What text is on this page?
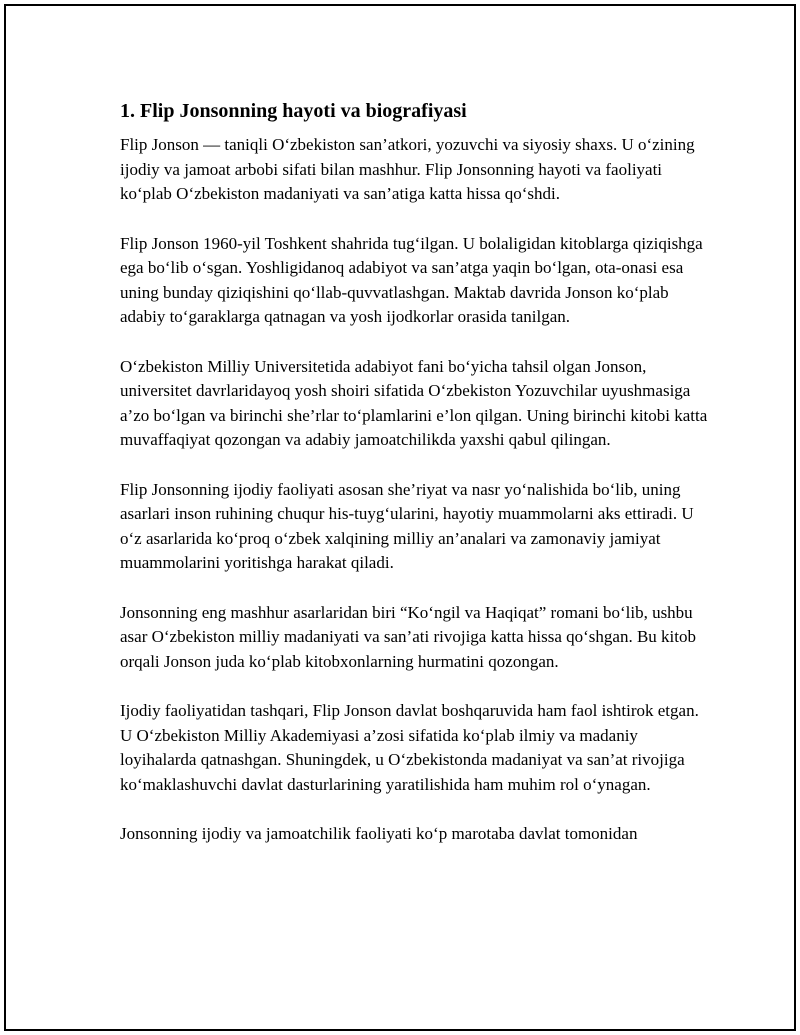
1. Flip Jonsonning hayoti va biografiyasi

Flip Jonson — taniqli O‘zbekiston san’atkori, yozuvchi va siyosiy shaxs. U o‘zining ijodiy va jamoat arbobi sifati bilan mashhur. Flip Jonsonning hayoti va faoliyati ko‘plab O‘zbekiston madaniyati va san’atiga katta hissa qo‘shdi.

Flip Jonson 1960-yil Toshkent shahrida tug‘ilgan. U bolaligidan kitoblarga qiziqishga ega bo‘lib o‘sgan. Yoshligidanoq adabiyot va san’atga yaqin bo‘lgan, ota-onasi esa uning bunday qiziqishini qo‘llab-quvvatlashgan. Maktab davrida Jonson ko‘plab adabiy to‘garaklarga qatnagan va yosh ijodkorlar orasida tanilgan.

O‘zbekiston Milliy Universitetida adabiyot fani bo‘yicha tahsil olgan Jonson, universitet davrlaridayoq yosh shoiri sifatida O‘zbekiston Yozuvchilar uyushmasiga a’zo bo‘lgan va birinchi she’rlar to‘plamlarini e’lon qilgan. Uning birinchi kitobi katta muvaffaqiyat qozongan va adabiy jamoatchilikda yaxshi qabul qilingan.

Flip Jonsonning ijodiy faoliyati asosan she’riyat va nasr yo‘nalishida bo‘lib, uning asarlari inson ruhining chuqur his-tuyg‘ularini, hayotiy muammolarni aks ettiradi. U o‘z asarlarida ko‘proq o‘zbek xalqining milliy an’analari va zamonaviy jamiyat muammolarini yoritishga harakat qiladi.

Jonsonning eng mashhur asarlaridan biri “Ko‘ngil va Haqiqat” romani bo‘lib, ushbu asar O‘zbekiston milliy madaniyati va san’ati rivojiga katta hissa qo‘shgan. Bu kitob orqali Jonson juda ko‘plab kitobxonlarning hurmatini qozongan.

Ijodiy faoliyatidan tashqari, Flip Jonson davlat boshqaruvida ham faol ishtirok etgan. U O‘zbekiston Milliy Akademiyasi a’zosi sifatida ko‘plab ilmiy va madaniy loyihalarda qatnashgan. Shuningdek, u O‘zbekistonda madaniyat va san’at rivojiga ko‘maklashuvchi davlat dasturlarining yaratilishida ham muhim rol o‘ynagan.

Jonsonning ijodiy va jamoatchilik faoliyati ko‘p marotaba davlat tomonidan
